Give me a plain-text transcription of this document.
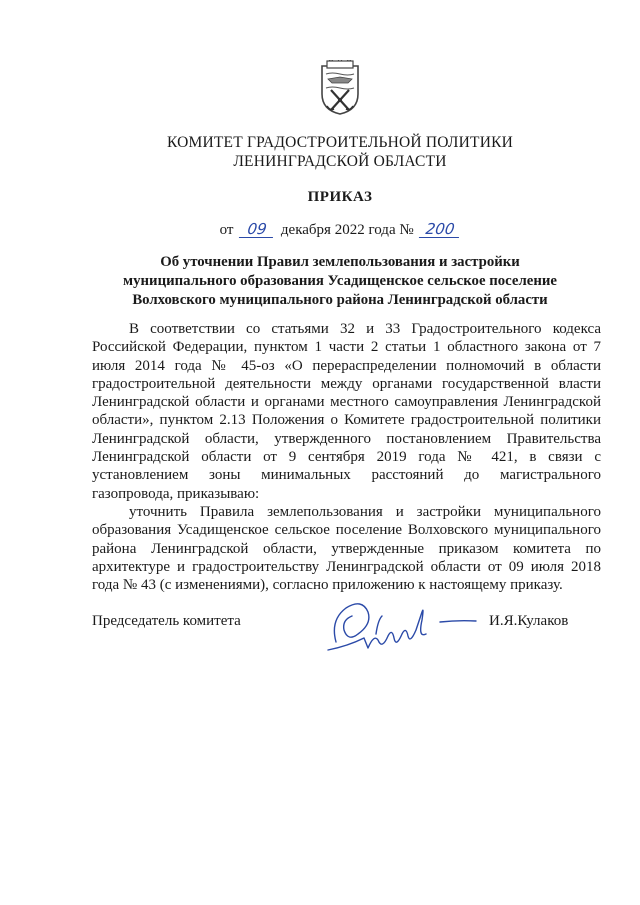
КОМИТЕТ ГРАДОСТРОИТЕЛЬНОЙ ПОЛИТИКИ
ЛЕНИНГРАДСКОЙ ОБЛАСТИ
ПРИКАЗ
от 09 декабря 2022 года № 200
Об уточнении Правил землепользования и застройки
муниципального образования Усадищенское сельское поселение
Волховского муниципального района Ленинградской области

В соответствии со статьями 32 и 33 Градостроительного кодекса Российской Федерации, пунктом 1 части 2 статьи 1 областного закона от 7 июля 2014 года № 45-оз «О перераспределении полномочий в области градостроительной деятельности между органами государственной власти Ленинградской области и органами местного самоуправления Ленинградской области», пунктом 2.13 Положения о Комитете градостроительной политики Ленинградской области, утвержденного постановлением Правительства Ленинградской области от 9 сентября 2019 года № 421, в связи с установлением зоны минимальных расстояний до магистрального газопровода, приказываю:

уточнить Правила землепользования и застройки муниципального образования Усадищенское сельское поселение Волховского муниципального района Ленинградской области, утвержденные приказом комитета по архитектуре и градостроительству Ленинградской области от 09 июля 2018 года № 43 (с изменениями), согласно приложению к настоящему приказу.

Председатель комитета	И.Я.Кулаков
